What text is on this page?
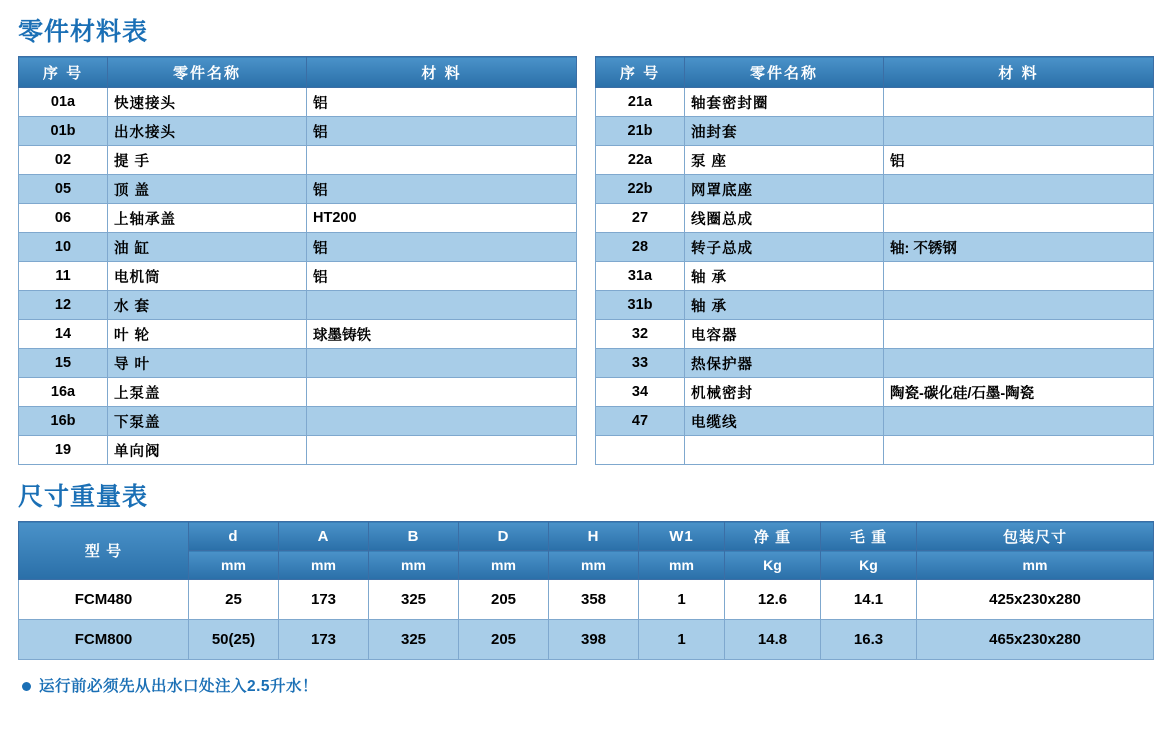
零件材料表
序 号	零件名称	材 料
01a	快速接头	铝
01b	出水接头	铝
02	提 手	
05	顶 盖	铝
06	上轴承盖	HT200
10	油 缸	铝
11	电机筒	铝
12	水 套	
14	叶 轮	球墨铸铁
15	导 叶	
16a	上泵盖	
16b	下泵盖	
19	单向阀	
序 号	零件名称	材 料
21a	轴套密封圈	
21b	油封套	
22a	泵 座	铝
22b	网罩底座	
27	线圈总成	
28	转子总成	轴: 不锈钢
31a	轴 承	
31b	轴 承	
32	电容器	
33	热保护器	
34	机械密封	陶瓷-碳化硅/石墨-陶瓷
47	电缆线	

尺寸重量表
型 号	d	A	B	D	H	W1	净 重	毛 重	包装尺寸
	mm	mm	mm	mm	mm	mm	Kg	Kg	mm
FCM480	25	173	325	205	358	1	12.6	14.1	425x230x280
FCM800	50(25)	173	325	205	398	1	14.8	16.3	465x230x280
运行前必须先从出水口处注入2.5升水！
